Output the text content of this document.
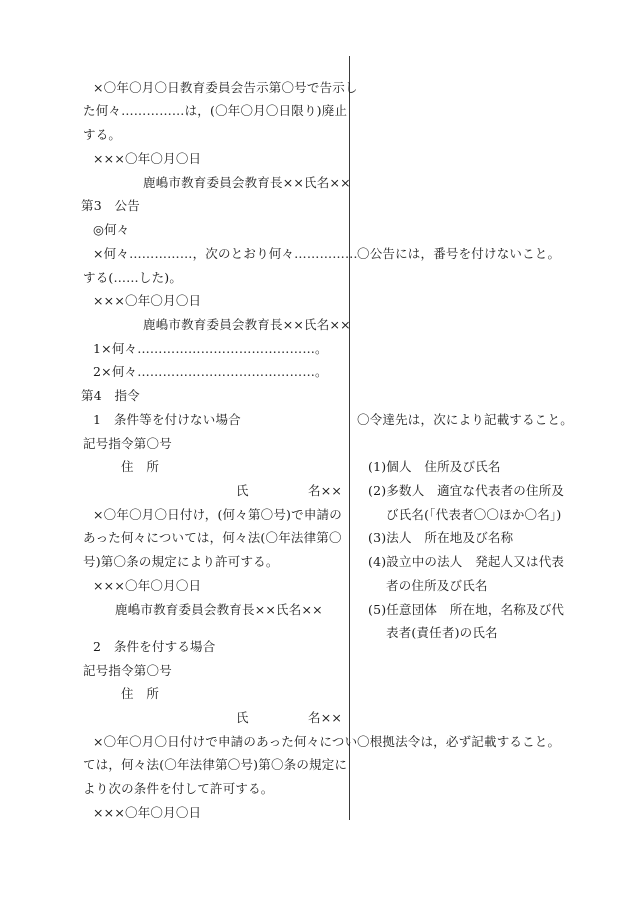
×〇年〇月〇日教育委員会告示第〇号で告示し
た何々……………は，(〇年〇月〇日限り)廃止
する。
×××〇年〇月〇日
鹿嶋市教育委員会教育長××氏名××
第3　公告
◎何々
×何々……………，次のとおり何々……………
する(……した)。
×××〇年〇月〇日
鹿嶋市教育委員会教育長××氏名××
1×何々……………………………………。
2×何々……………………………………。
第4　指令
1　条件等を付けない場合
記号指令第〇号
住　所
氏	名××
×〇年〇月〇日付け，(何々第〇号)で申請の
あった何々については，何々法(〇年法律第〇
号)第〇条の規定により許可する。
×××〇年〇月〇日
鹿嶋市教育委員会教育長××氏名××
2　条件を付する場合
記号指令第〇号
住　所
氏	名××
×〇年〇月〇日付けで申請のあった何々につい
ては，何々法(〇年法律第〇号)第〇条の規定に
より次の条件を付して許可する。
×××〇年〇月〇日
〇公告には，番号を付けないこと。
〇令達先は，次により記載すること。
(1)個人　住所及び氏名
(2)多数人　適宜な代表者の住所及
び氏名(「代表者〇〇ほか〇名」)
(3)法人　所在地及び名称
(4)設立中の法人　発起人又は代表
者の住所及び氏名
(5)任意団体　所在地，名称及び代
表者(責任者)の氏名
〇根拠法令は，必ず記載すること。
